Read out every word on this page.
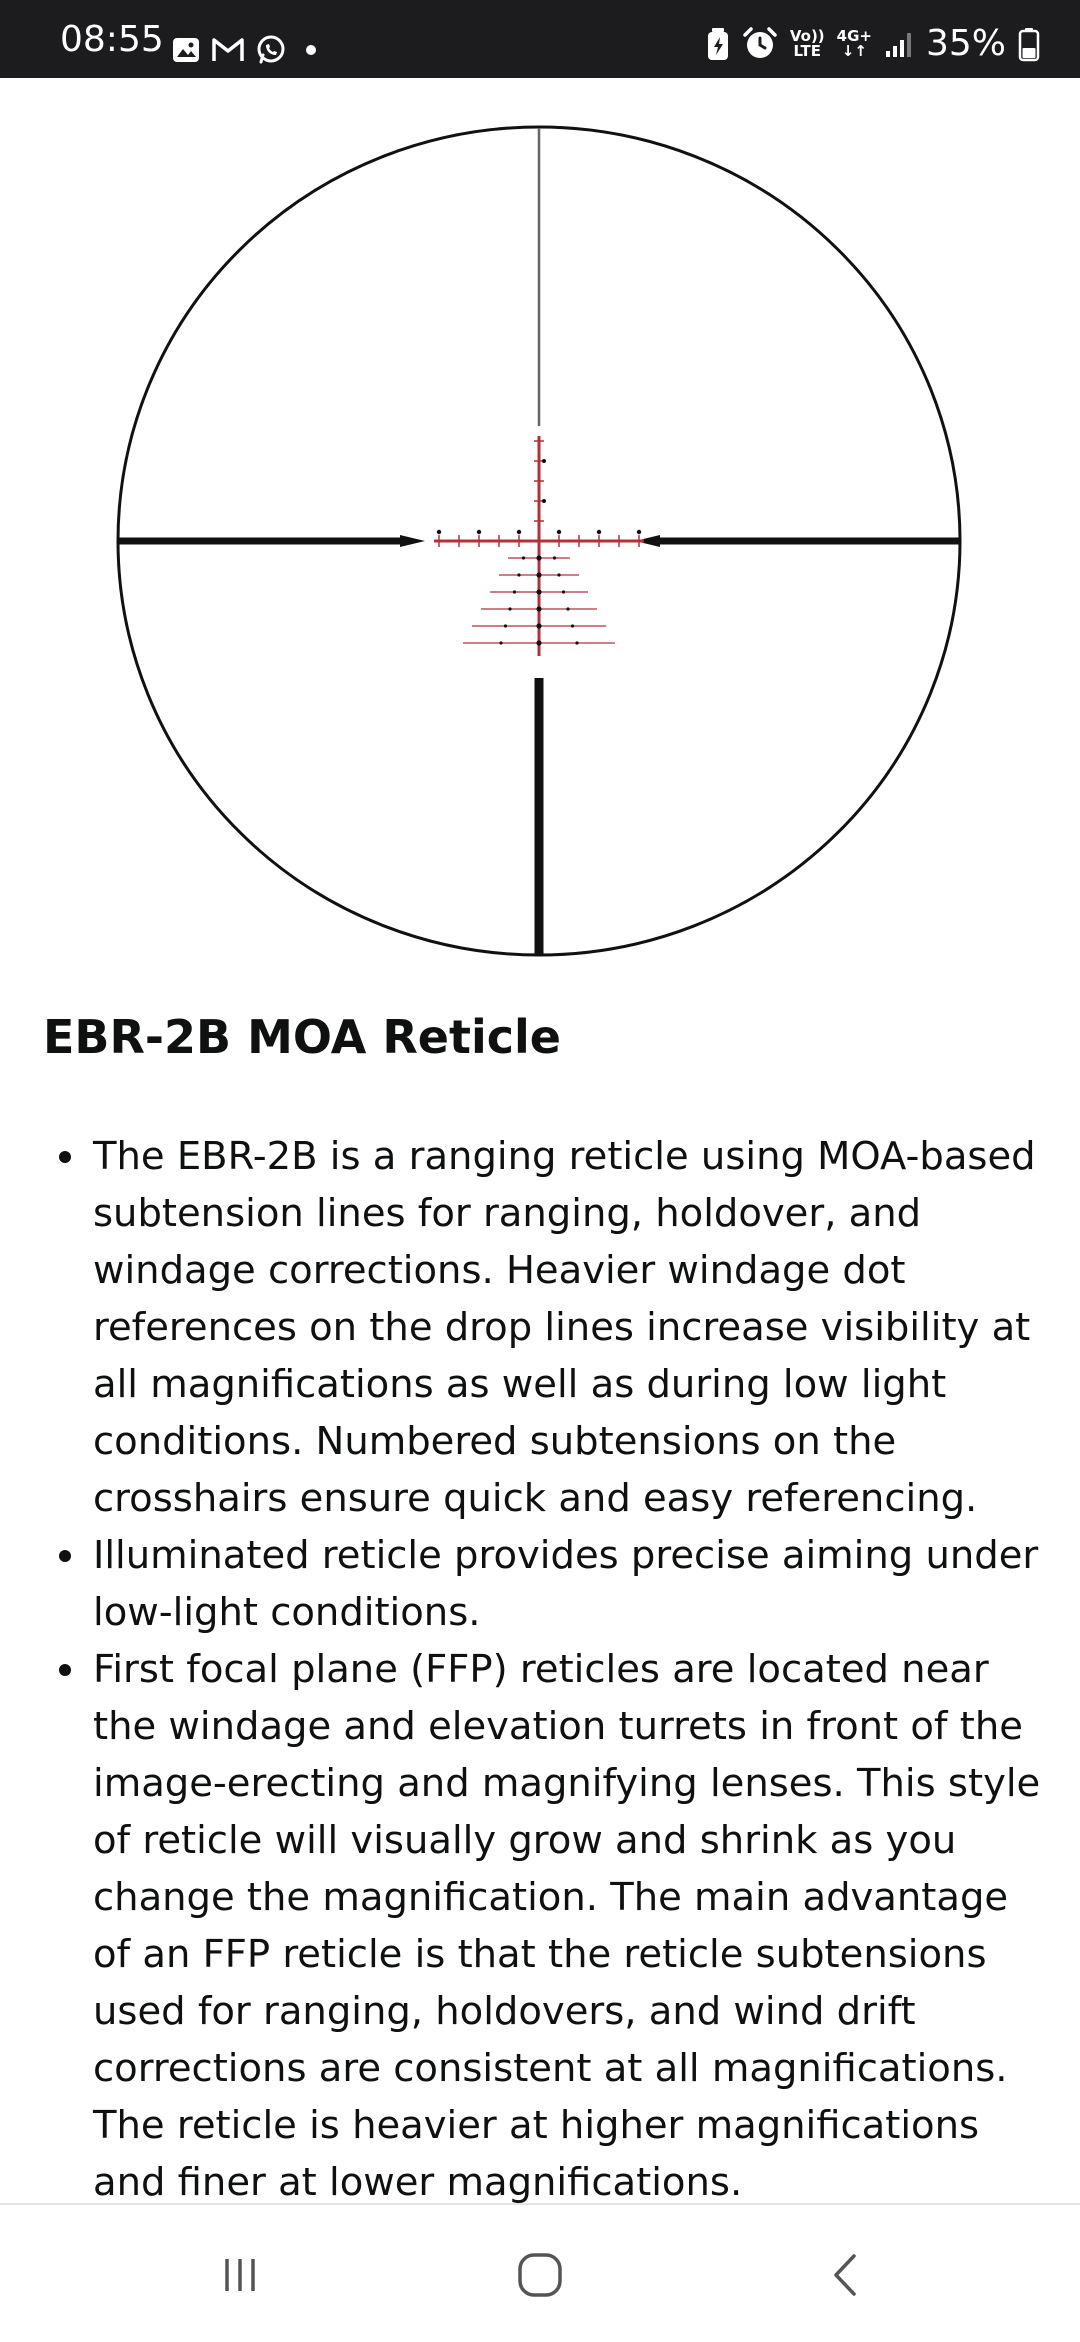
08:55	Vo))
LTE
4G+
↓↑ 35%
EBR-2B MOA Reticle
The EBR-2B is a ranging reticle using MOA-based subtension lines for ranging, holdover, and windage corrections. Heavier windage dot references on the drop lines increase visibility at all magnifications as well as during low light conditions. Numbered subtensions on the crosshairs ensure quick and easy referencing.
Illuminated reticle provides precise aiming under low-light conditions.
First focal plane (FFP) reticles are located near the windage and elevation turrets in front of the image-erecting and magnifying lenses. This style of reticle will visually grow and shrink as you change the magnification. The main advantage of an FFP reticle is that the reticle subtensions used for ranging, holdovers, and wind drift corrections are consistent at all magnifications. The reticle is heavier at higher magnifications and finer at lower magnifications.
